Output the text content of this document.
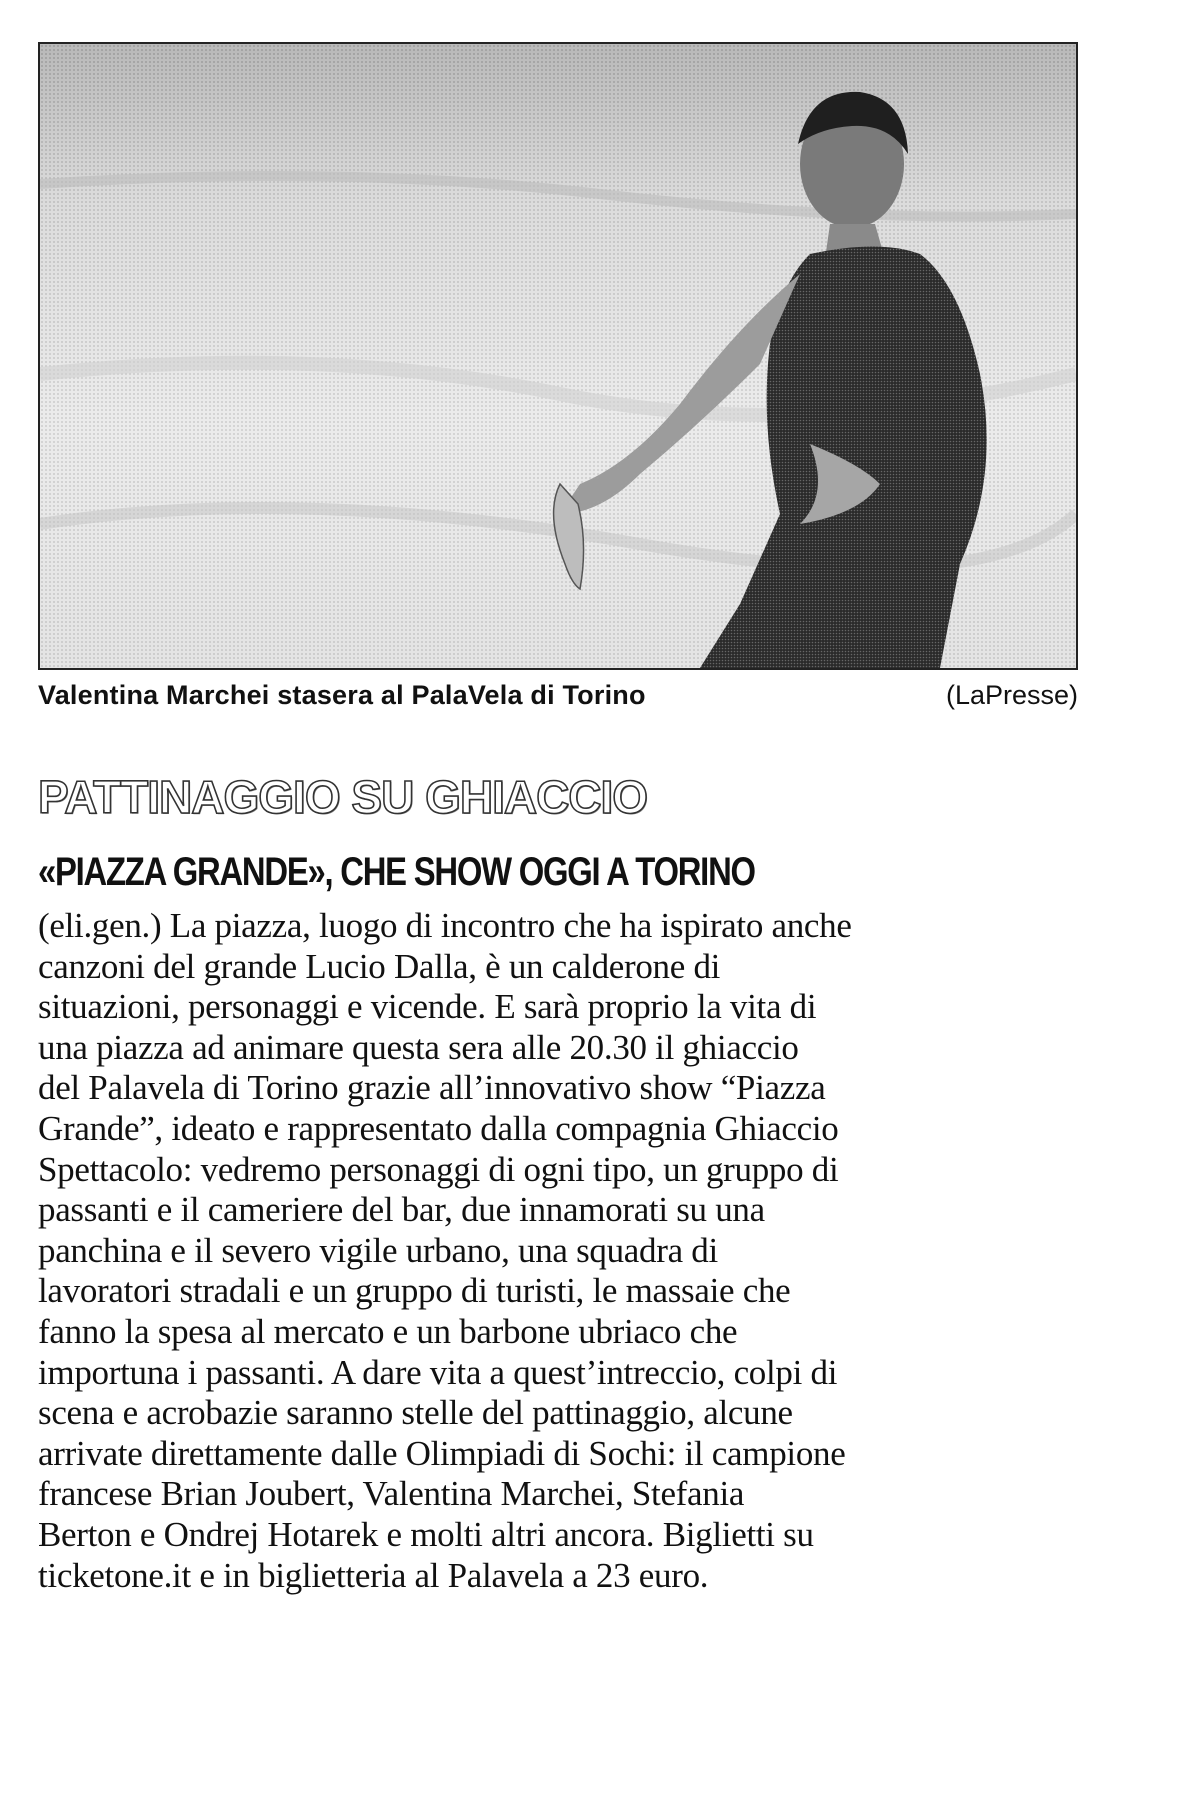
Valentina Marchei stasera al PalaVela di Torino	(LaPresse)
PATTINAGGIO SU GHIACCIO
«PIAZZA GRANDE», CHE SHOW OGGI A TORINO

(eli.gen.) La piazza, luogo di incontro che ha ispirato anche
canzoni del grande Lucio Dalla, è un calderone di
situazioni, personaggi e vicende. E sarà proprio la vita di
una piazza ad animare questa sera alle 20.30 il ghiaccio
del Palavela di Torino grazie all’innovativo show “Piazza
Grande”, ideato e rappresentato dalla compagnia Ghiaccio
Spettacolo: vedremo personaggi di ogni tipo, un gruppo di
passanti e il cameriere del bar, due innamorati su una
panchina e il severo vigile urbano, una squadra di
lavoratori stradali e un gruppo di turisti, le massaie che
fanno la spesa al mercato e un barbone ubriaco che
importuna i passanti. A dare vita a quest’intreccio, colpi di
scena e acrobazie saranno stelle del pattinaggio, alcune
arrivate direttamente dalle Olimpiadi di Sochi: il campione
francese Brian Joubert, Valentina Marchei, Stefania
Berton e Ondrej Hotarek e molti altri ancora. Biglietti su
ticketone.it e in biglietteria al Palavela a 23 euro.
